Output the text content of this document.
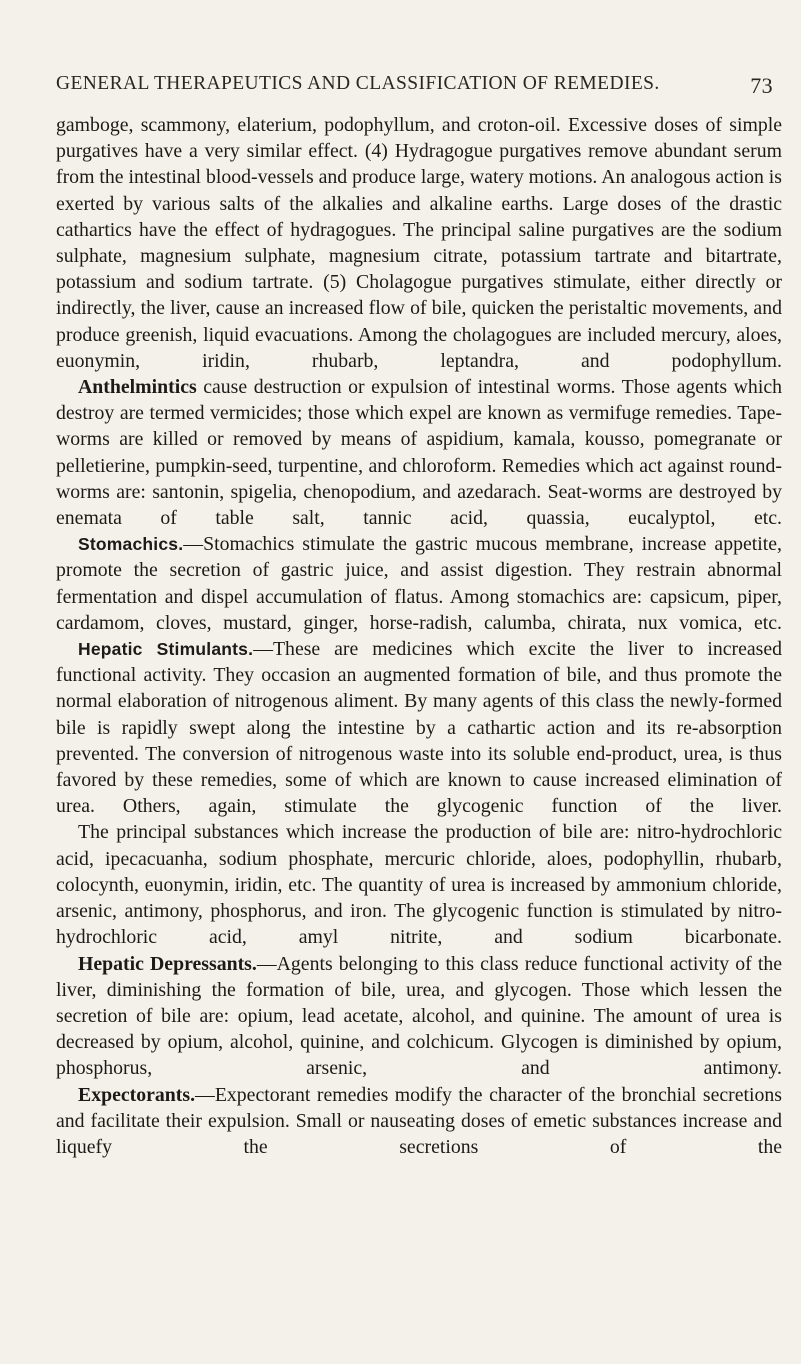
GENERAL THERAPEUTICS AND CLASSIFICATION OF REMEDIES.	73

gamboge, scammony, elaterium, podophyllum, and croton-oil. Excessive doses of simple purgatives have a very similar effect. (4) Hydragogue purgatives remove abundant serum from the intestinal blood-vessels and produce large, watery motions. An analogous action is exerted by various salts of the alkalies and alkaline earths. Large doses of the drastic cathartics have the effect of hydragogues. The principal saline purgatives are the sodium sulphate, magnesium sulphate, magnesium citrate, potassium tartrate and bitartrate, potassium and sodium tartrate. (5) Cholagogue purgatives stimulate, either directly or indirectly, the liver, cause an increased flow of bile, quicken the peristaltic movements, and produce greenish, liquid evacuations. Among the cholagogues are included mercury, aloes, euonymin, iridin, rhubarb, leptandra, and podophyllum.

Anthelmintics cause destruction or expulsion of intestinal worms. Those agents which destroy are termed vermicides; those which expel are known as vermifuge remedies. Tape-worms are killed or removed by means of aspidium, kamala, kousso, pomegranate or pelletierine, pumpkin-seed, turpentine, and chloroform. Remedies which act against round-worms are: santonin, spigelia, chenopodium, and azedarach. Seat-worms are destroyed by enemata of table salt, tannic acid, quassia, eucalyptol, etc.

Stomachics.—Stomachics stimulate the gastric mucous membrane, increase appetite, promote the secretion of gastric juice, and assist digestion. They restrain abnormal fermentation and dispel accumulation of flatus. Among stomachics are: capsicum, piper, cardamom, cloves, mustard, ginger, horse-radish, calumba, chirata, nux vomica, etc.

Hepatic Stimulants.—These are medicines which excite the liver to increased functional activity. They occasion an augmented formation of bile, and thus promote the normal elaboration of nitrogenous aliment. By many agents of this class the newly-formed bile is rapidly swept along the intestine by a cathartic action and its re-absorption prevented. The conversion of nitrogenous waste into its soluble end-product, urea, is thus favored by these remedies, some of which are known to cause increased elimination of urea. Others, again, stimulate the glycogenic function of the liver.

The principal substances which increase the production of bile are: nitro-hydrochloric acid, ipecacuanha, sodium phosphate, mercuric chloride, aloes, podophyllin, rhubarb, colocynth, euonymin, iridin, etc. The quantity of urea is increased by ammonium chloride, arsenic, antimony, phosphorus, and iron. The glycogenic function is stimulated by nitro-hydrochloric acid, amyl nitrite, and sodium bicarbonate.

Hepatic Depressants.—Agents belonging to this class reduce functional activity of the liver, diminishing the formation of bile, urea, and glycogen. Those which lessen the secretion of bile are: opium, lead acetate, alcohol, and quinine. The amount of urea is decreased by opium, alcohol, quinine, and colchicum. Glycogen is diminished by opium, phosphorus, arsenic, and antimony.

Expectorants.—Expectorant remedies modify the character of the bronchial secretions and facilitate their expulsion. Small or nauseating doses of emetic substances increase and liquefy the secretions of the
